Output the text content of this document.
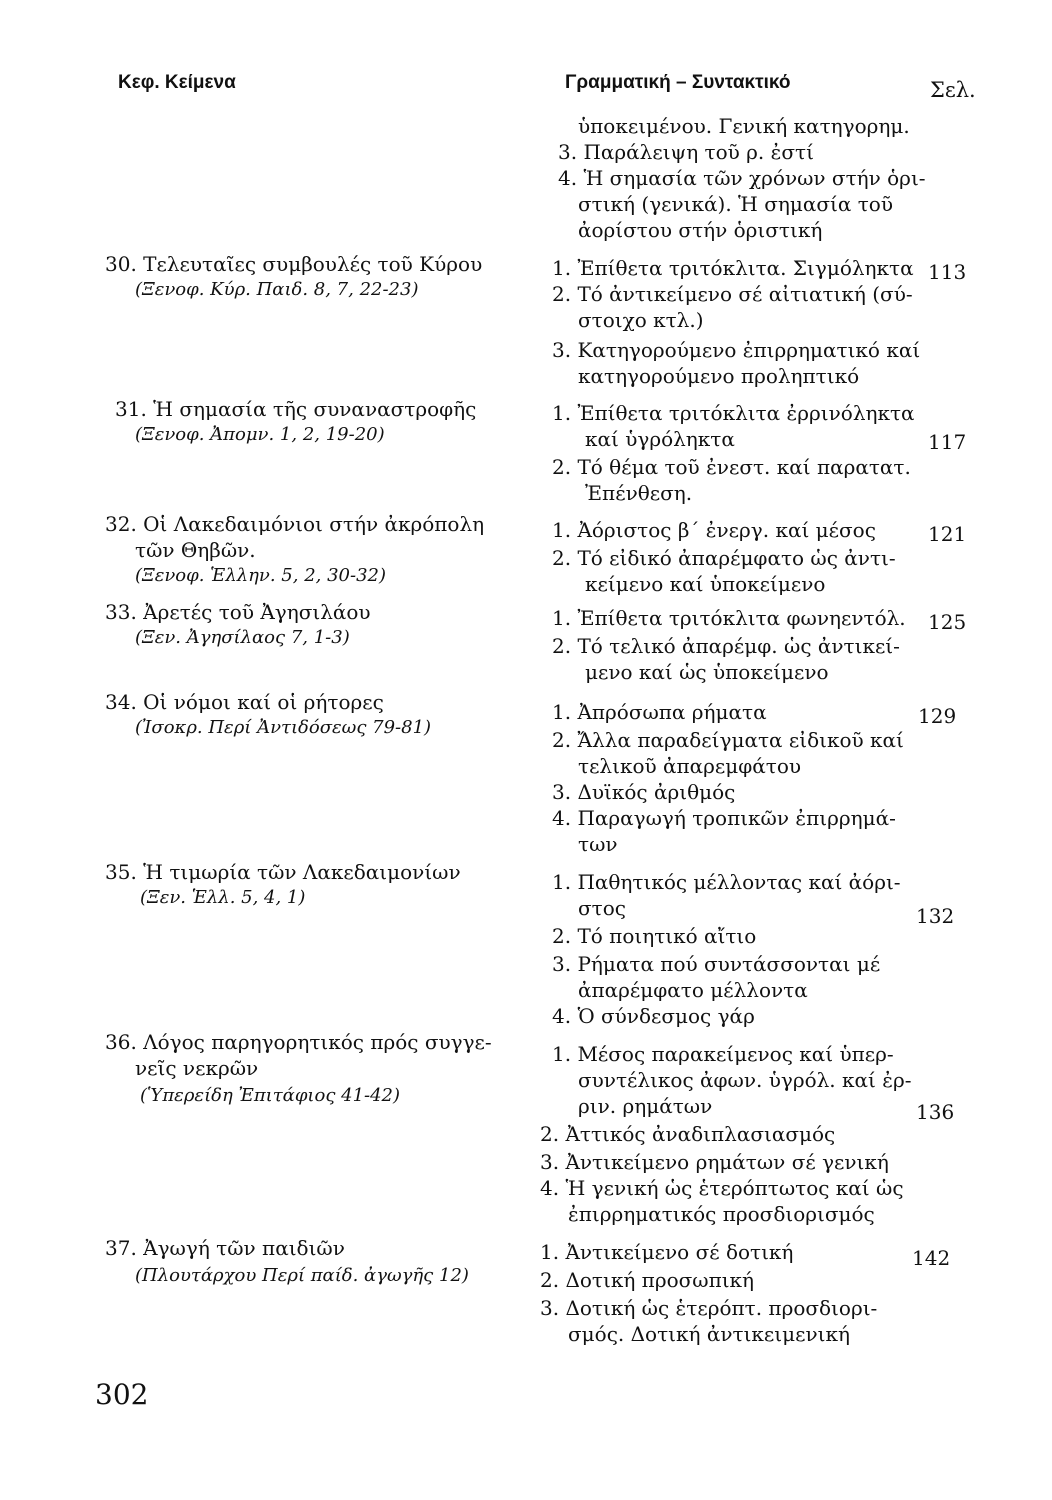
Κεφ. Κείμενα	Γραμματική – Συντακτικό	Σελ.
ὑποκειμένου. Γενική κατηγορημ.
3. Παράλειψη τοῦ ρ. ἐστί
4. Ἡ σημασία τῶν χρόνων στήν ὁρι-
στική (γενικά). Ἡ σημασία τοῦ
ἀορίστου στήν ὁριστική
30. Τελευταῖες συμβουλές τοῦ Κύρου
(Ξενοφ. Κύρ. Παιδ. 8, 7, 22-23)
1. Ἐπίθετα τριτόκλιτα. Σιγμόληκτα
2. Τό ἀντικείμενο σέ αἰτιατική (σύ-
στοιχο κτλ.)
3. Κατηγορούμενο ἐπιρρηματικό καί
κατηγορούμενο προληπτικό
113
31. Ἡ σημασία τῆς συναναστροφῆς
(Ξενοφ. Ἀπομν. 1, 2, 19-20)
1. Ἐπίθετα τριτόκλιτα ἐρρινόληκτα
καί ὑγρόληκτα
2. Τό θέμα τοῦ ἐνεστ. καί παρατατ.
Ἐπένθεση.
117
32. Οἱ Λακεδαιμόνιοι στήν ἀκρόπολη
τῶν Θηβῶν.
(Ξενοφ. Ἑλλην. 5, 2, 30-32)
1. Ἀόριστος β΄ ἐνεργ. καί μέσος
2. Τό εἰδικό ἀπαρέμφατο ὡς ἀντι-
κείμενο καί ὑποκείμενο
121
33. Ἀρετές τοῦ Ἀγησιλάου
(Ξεν. Ἀγησίλαος 7, 1-3)
1. Ἐπίθετα τριτόκλιτα φωνηεντόλ.
2. Τό τελικό ἀπαρέμφ. ὡς ἀντικεί-
μενο καί ὡς ὑποκείμενο
125
34. Οἱ νόμοι καί οἱ ρήτορες
(Ἰσοκρ. Περί Ἀντιδόσεως 79-81)
1. Ἀπρόσωπα ρήματα
2. Ἄλλα παραδείγματα εἰδικοῦ καί
τελικοῦ ἀπαρεμφάτου
3. Δυϊκός ἀριθμός
4. Παραγωγή τροπικῶν ἐπιρρημά-
των
129
35. Ἡ τιμωρία τῶν Λακεδαιμονίων
(Ξεν. Ἑλλ. 5, 4, 1)
1. Παθητικός μέλλοντας καί ἀόρι-
στος
2. Τό ποιητικό αἴτιο
3. Ρήματα πού συντάσσονται μέ
ἀπαρέμφατο μέλλοντα
4. Ὁ σύνδεσμος γάρ
132
36. Λόγος παρηγορητικός πρός συγγε-
νεῖς νεκρῶν
(Ὑπερείδη Ἐπιτάφιος 41-42)
1. Μέσος παρακείμενος καί ὑπερ-
συντέλικος ἀφων. ὑγρόλ. καί ἐρ-
ριν. ρημάτων
2. Ἀττικός ἀναδιπλασιασμός
3. Ἀντικείμενο ρημάτων σέ γενική
4. Ἡ γενική ὡς ἑτερόπτωτος καί ὡς
ἐπιρρηματικός προσδιορισμός
136
37. Ἀγωγή τῶν παιδιῶν
(Πλουτάρχου Περί παίδ. ἀγωγῆς 12)
1. Ἀντικείμενο σέ δοτική
2. Δοτική προσωπική
3. Δοτική ὡς ἑτερόπτ. προσδιορι-
σμός. Δοτική ἀντικειμενική
142
302
